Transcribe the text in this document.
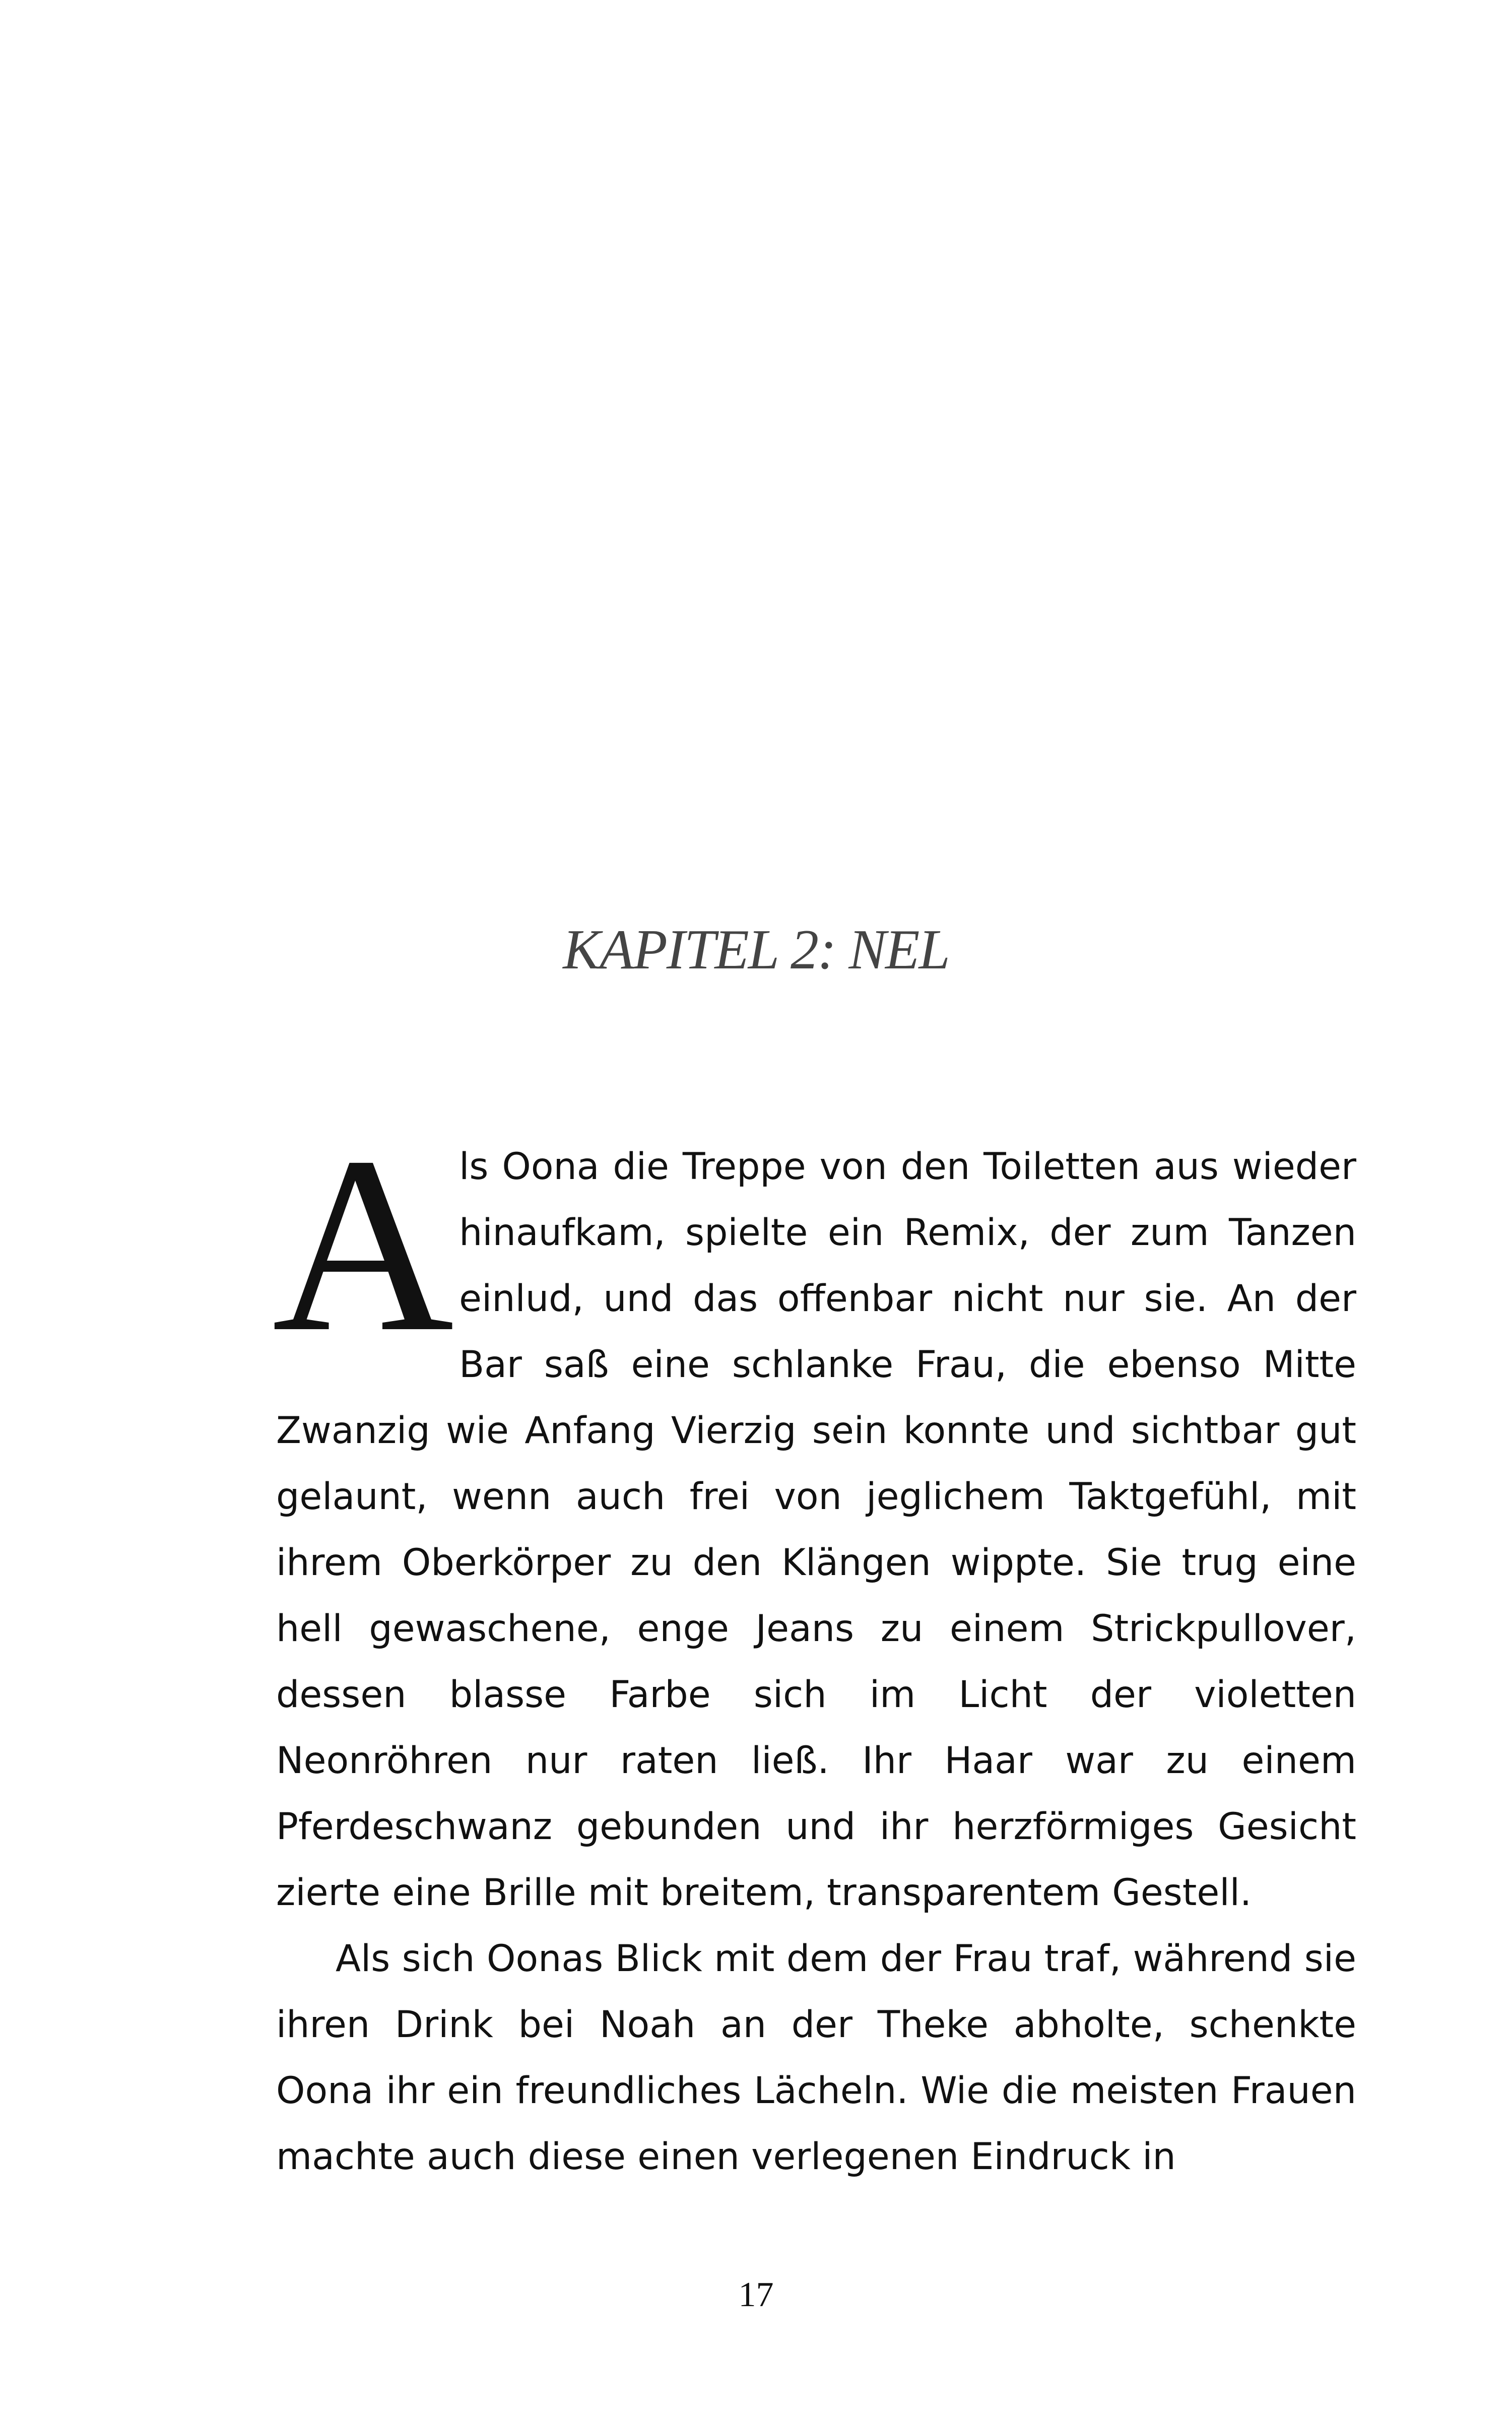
KAPITEL 2: NEL

Als Oona die Treppe von den Toiletten aus wieder hinaufkam, spielte ein Remix, der zum Tanzen einlud, und das offenbar nicht nur sie. An der Bar saß eine schlanke Frau, die ebenso Mitte Zwanzig wie Anfang Vierzig sein konnte und sichtbar gut gelaunt, wenn auch frei von jeglichem Taktgefühl, mit ihrem Oberkörper zu den Klängen wippte. Sie trug eine hell gewaschene, enge Jeans zu einem Strickpullover, dessen blasse Farbe sich im Licht der violetten Neonröhren nur raten ließ. Ihr Haar war zu einem Pferdeschwanz gebunden und ihr herzförmiges Gesicht zierte eine Brille mit breitem, transparentem Gestell.

Als sich Oonas Blick mit dem der Frau traf, während sie ihren Drink bei Noah an der Theke abholte, schenkte Oona ihr ein freundliches Lächeln. Wie die meisten Frauen machte auch diese einen verlegenen Eindruck in

17
